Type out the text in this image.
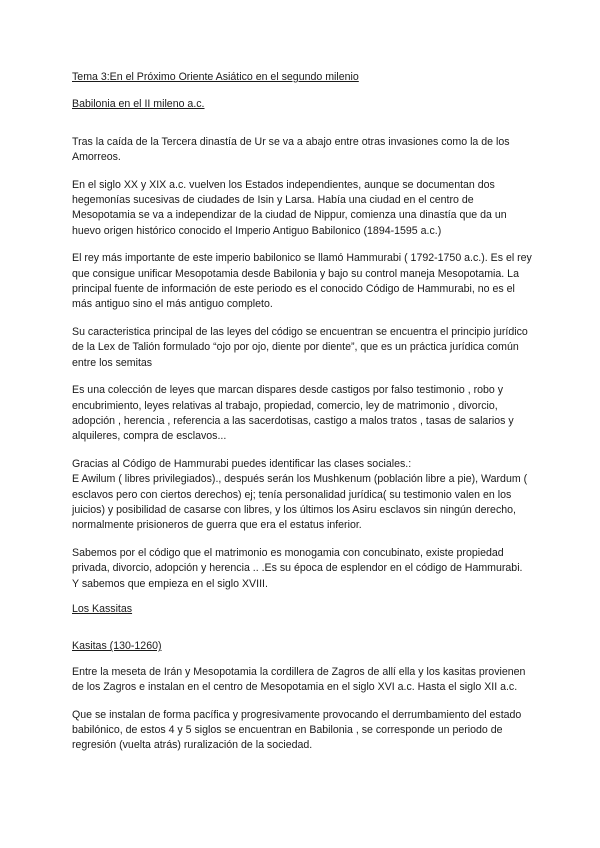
Tema 3:En el Próximo Oriente Asiático en el segundo milenio

Babilonia en el II mileno a.c.

Tras la caída de la Tercera dinastía de Ur se va a abajo entre otras invasiones como la de los Amorreos.

En el siglo XX y XIX a.c. vuelven los Estados independientes, aunque se documentan dos hegemonías sucesivas de ciudades de Isin y Larsa. Había una ciudad en el centro de Mesopotamia se va a independizar de la ciudad de Nippur, comienza una dinastía que da un huevo origen histórico conocido el Imperio Antiguo Babilonico (1894-1595 a.c.)

El rey más importante de este imperio babilonico se llamó Hammurabi ( 1792-1750 a.c.). Es el rey que consigue unificar Mesopotamia desde Babilonia y bajo su control maneja Mesopotamia. La principal fuente de información de este periodo es el conocido Código de Hammurabi, no es el más antiguo sino el más antiguo completo.

Su caracteristica principal de las leyes del código se encuentran se encuentra el principio jurídico de la Lex de Talión formulado “ojo por ojo, diente por diente”, que es un práctica jurídica común entre los semitas

Es una colección de leyes que marcan dispares desde castigos por falso testimonio , robo y encubrimiento, leyes relativas al trabajo, propiedad, comercio, ley de matrimonio , divorcio, adopción , herencia , referencia a las sacerdotisas, castigo a malos tratos , tasas de salarios y alquileres, compra de esclavos...

Gracias al Código de Hammurabi puedes identificar las clases sociales.:

E Awilum ( libres privilegiados)., después serán los Mushkenum (población libre a pie), Wardum ( esclavos pero con ciertos derechos) ej; tenía personalidad jurídica( su testimonio valen en los juicios) y posibilidad de casarse con libres, y los últimos los Asiru esclavos sin ningún derecho, normalmente prisioneros de guerra que era el estatus inferior.

Sabemos por el código que el matrimonio es monogamia con concubinato, existe propiedad privada, divorcio, adopción y herencia .. .Es su época de esplendor en el código de Hammurabi. Y sabemos que empieza en el siglo XVIII.

Los Kassitas

Kasitas (130-1260)

Entre la meseta de Irán y Mesopotamia la cordillera de Zagros de allí ella y los kasitas provienen de los Zagros e instalan en el centro de Mesopotamia en el siglo XVI a.c. Hasta el siglo XII a.c.

Que se instalan de forma pacífica y progresivamente provocando el derrumbamiento del estado babilónico, de estos 4 y 5 siglos se encuentran en Babilonia , se corresponde un periodo de regresión (vuelta atrás) ruralización de la sociedad.
